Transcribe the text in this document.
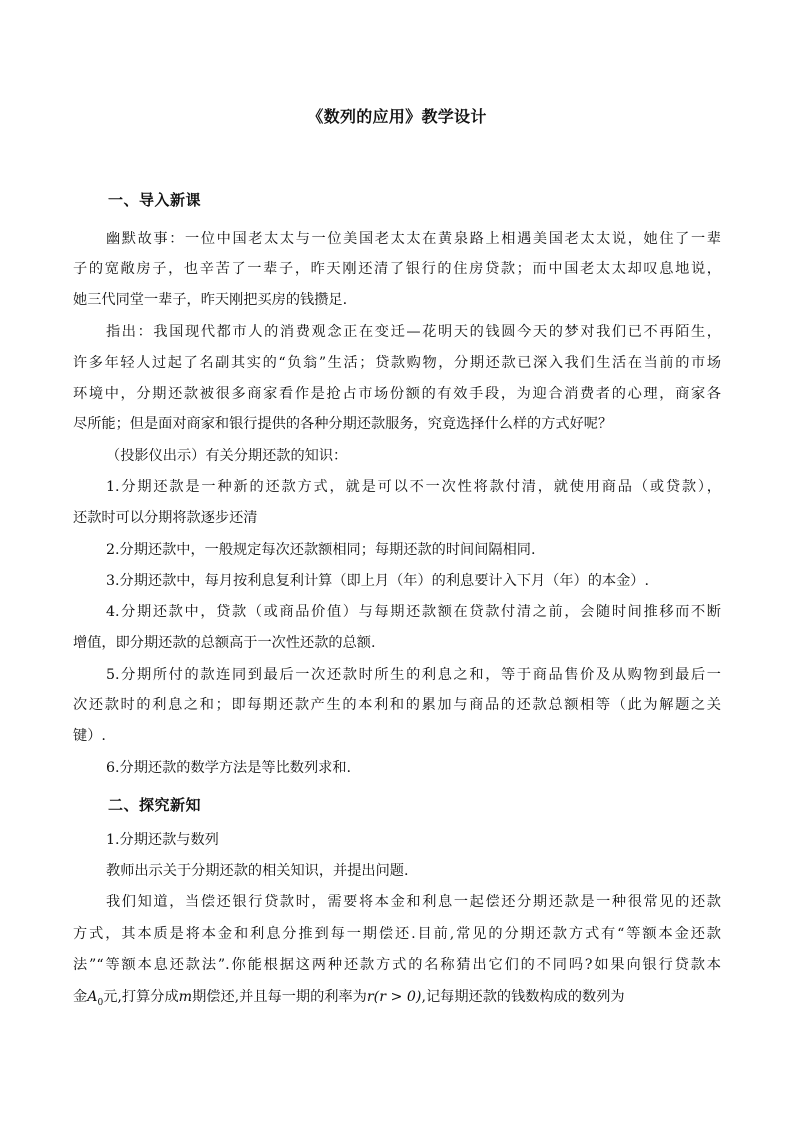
《数列的应用》教学设计
一、导入新课
幽默故事：一位中国老太太与一位美国老太太在黄泉路上相遇美国老太太说，她住了一辈
子的宽敞房子，也辛苦了一辈子，昨天刚还清了银行的住房贷款；而中国老太太却叹息地说，
她三代同堂一辈子，昨天刚把买房的钱攒足.
指出：我国现代都市人的消费观念正在变迁—花明天的钱圆今天的梦对我们已不再陌生，
许多年轻人过起了名副其实的“负翁”生活；贷款购物，分期还款已深入我们生活在当前的市场
环境中，分期还款被很多商家看作是抢占市场份额的有效手段，为迎合消费者的心理，商家各
尽所能；但是面对商家和银行提供的各种分期还款服务，究竟选择什么样的方式好呢？
（投影仪出示）有关分期还款的知识：
1.分期还款是一种新的还款方式，就是可以不一次性将款付清，就使用商品（或贷款），
还款时可以分期将款逐步还清
2.分期还款中，一般规定每次还款额相同；每期还款的时间间隔相同.
3.分期还款中，每月按利息复利计算（即上月（年）的利息要计入下月（年）的本金）.
4.分期还款中，贷款（或商品价值）与每期还款额在贷款付清之前，会随时间推移而不断
增值，即分期还款的总额高于一次性还款的总额.
5.分期所付的款连同到最后一次还款时所生的利息之和，等于商品售价及从购物到最后一
次还款时的利息之和；即每期还款产生的本利和的累加与商品的还款总额相等（此为解题之关
键）.
6.分期还款的数学方法是等比数列求和.
二、探究新知
1.分期还款与数列
教师出示关于分期还款的相关知识，并提出问题.
我们知道，当偿还银行贷款时，需要将本金和利息一起偿还分期还款是一种很常见的还款
方式，其本质是将本金和利息分推到每一期偿还.目前,常见的分期还款方式有“等额本金还款
法”“等额本息还款法”.你能根据这两种还款方式的名称猜出它们的不同吗?如果向银行贷款本
金$A_0$元,打算分成m期偿还,并且每一期的利率为r(r > 0),记每期还款的钱数构成的数列为
